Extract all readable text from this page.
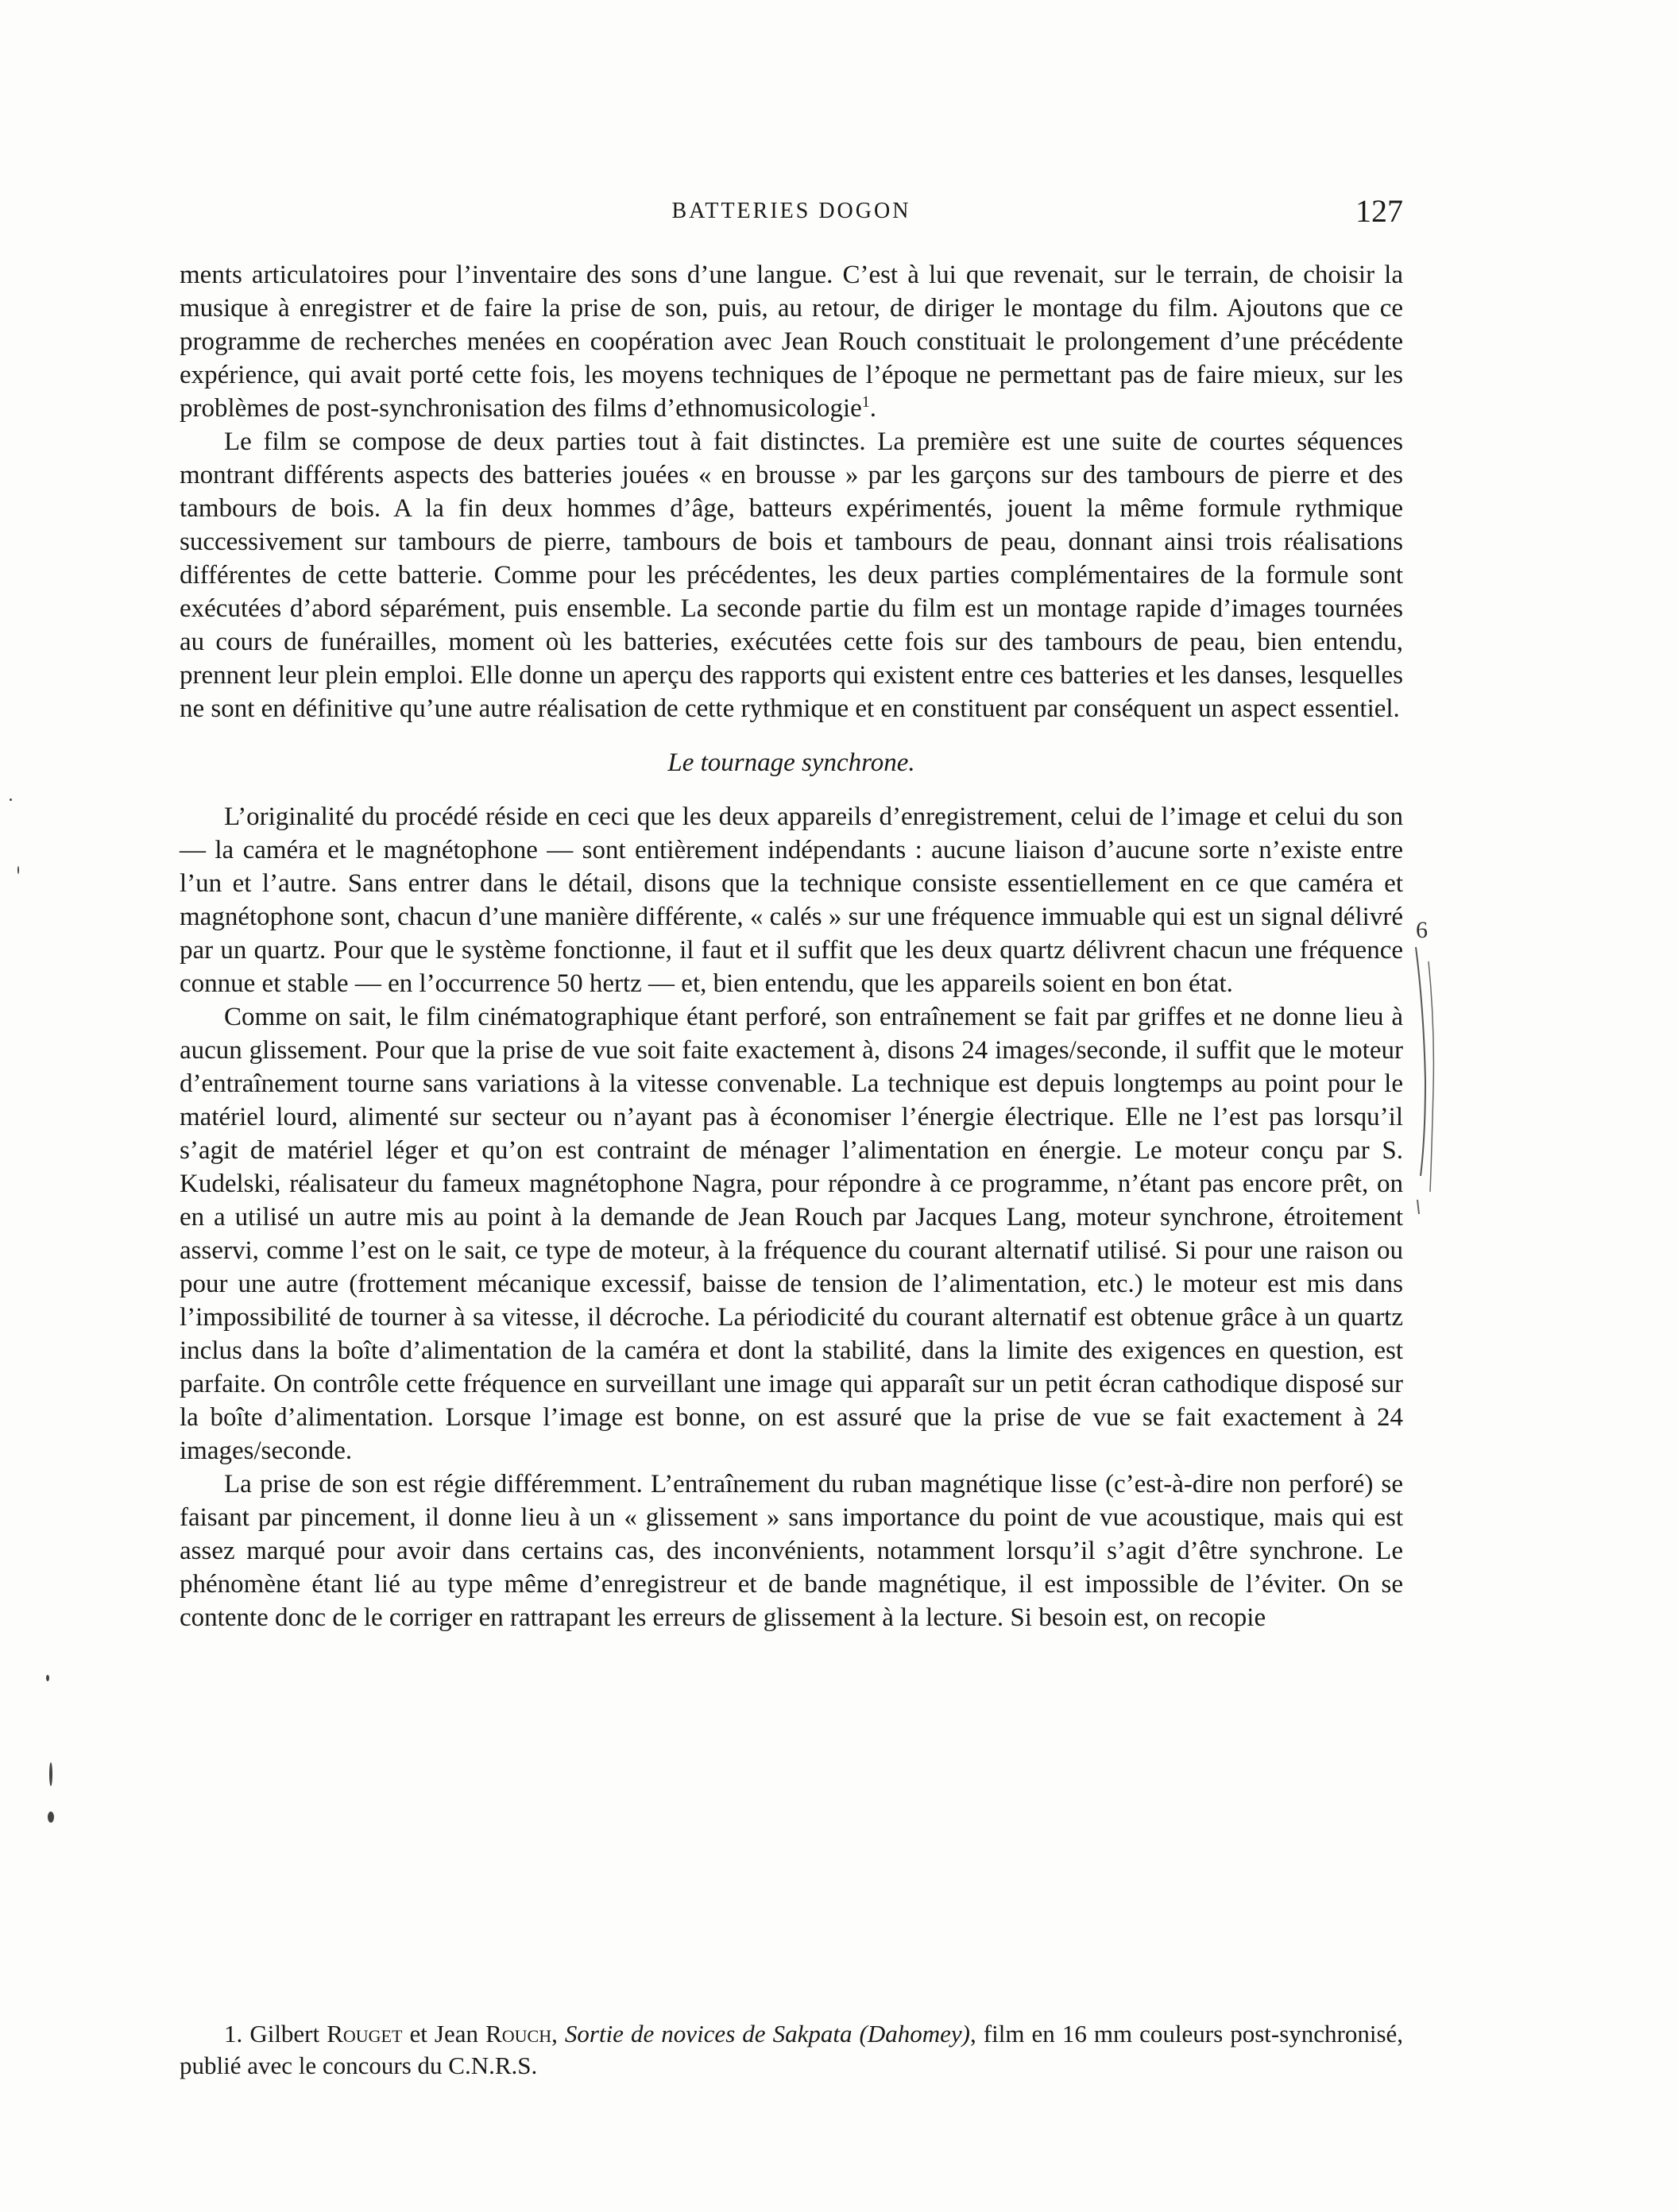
BATTERIES DOGON	127

ments articulatoires pour l’inventaire des sons d’une langue. C’est à lui que revenait, sur le terrain, de choisir la musique à enregistrer et de faire la prise de son, puis, au retour, de diriger le montage du film. Ajoutons que ce programme de recherches menées en coopération avec Jean Rouch constituait le prolongement d’une précédente expérience, qui avait porté cette fois, les moyens techniques de l’époque ne permettant pas de faire mieux, sur les problèmes de post-synchronisation des films d’ethnomusicologie$^1$.

Le film se compose de deux parties tout à fait distinctes. La première est une suite de courtes séquences montrant différents aspects des batteries jouées « en brousse » par les garçons sur des tambours de pierre et des tambours de bois. A la fin deux hommes d’âge, batteurs expérimentés, jouent la même formule rythmique successivement sur tambours de pierre, tambours de bois et tambours de peau, donnant ainsi trois réalisations différentes de cette batterie. Comme pour les précédentes, les deux parties complémentaires de la formule sont exécutées d’abord séparément, puis ensemble. La seconde partie du film est un montage rapide d’images tournées au cours de funérailles, moment où les batteries, exécutées cette fois sur des tambours de peau, bien entendu, prennent leur plein emploi. Elle donne un aperçu des rapports qui existent entre ces batteries et les danses, lesquelles ne sont en définitive qu’une autre réalisation de cette rythmique et en constituent par conséquent un aspect essentiel.

Le tournage synchrone.

L’originalité du procédé réside en ceci que les deux appareils d’enregistrement, celui de l’image et celui du son — la caméra et le magnétophone — sont entièrement indépendants : aucune liaison d’aucune sorte n’existe entre l’un et l’autre. Sans entrer dans le détail, disons que la technique consiste essentiellement en ce que caméra et magnétophone sont, chacun d’une manière différente, « calés » sur une fréquence immuable qui est un signal délivré par un quartz. Pour que le système fonctionne, il faut et il suffit que les deux quartz délivrent chacun une fréquence connue et stable — en l’occurrence 50 hertz — et, bien entendu, que les appareils soient en bon état.

Comme on sait, le film cinématographique étant perforé, son entraînement se fait par griffes et ne donne lieu à aucun glissement. Pour que la prise de vue soit faite exactement à, disons 24 images/seconde, il suffit que le moteur d’entraînement tourne sans variations à la vitesse convenable. La technique est depuis longtemps au point pour le matériel lourd, alimenté sur secteur ou n’ayant pas à économiser l’énergie électrique. Elle ne l’est pas lorsqu’il s’agit de matériel léger et qu’on est contraint de ménager l’alimentation en énergie. Le moteur conçu par S. Kudelski, réalisateur du fameux magnétophone Nagra, pour répondre à ce programme, n’étant pas encore prêt, on en a utilisé un autre mis au point à la demande de Jean Rouch par Jacques Lang, moteur synchrone, étroitement asservi, comme l’est on le sait, ce type de moteur, à la fréquence du courant alternatif utilisé. Si pour une raison ou pour une autre (frottement mécanique excessif, baisse de tension de l’alimentation, etc.) le moteur est mis dans l’impossibilité de tourner à sa vitesse, il décroche. La périodicité du courant alternatif est obtenue grâce à un quartz inclus dans la boîte d’alimentation de la caméra et dont la stabilité, dans la limite des exigences en question, est parfaite. On contrôle cette fréquence en surveillant une image qui apparaît sur un petit écran cathodique disposé sur la boîte d’alimentation. Lorsque l’image est bonne, on est assuré que la prise de vue se fait exactement à 24 images/seconde.

La prise de son est régie différemment. L’entraînement du ruban magnétique lisse (c’est-à-dire non perforé) se faisant par pincement, il donne lieu à un « glissement » sans importance du point de vue acoustique, mais qui est assez marqué pour avoir dans certains cas, des inconvénients, notamment lorsqu’il s’agit d’être synchrone. Le phénomène étant lié au type même d’enregistreur et de bande magnétique, il est impossible de l’éviter. On se contente donc de le corriger en rattrapant les erreurs de glissement à la lecture. Si besoin est, on recopie

1. Gilbert Rouget et Jean Rouch, Sortie de novices de Sakpata (Dahomey), film en 16 mm couleurs post-synchronisé, publié avec le concours du C.N.R.S.
6
